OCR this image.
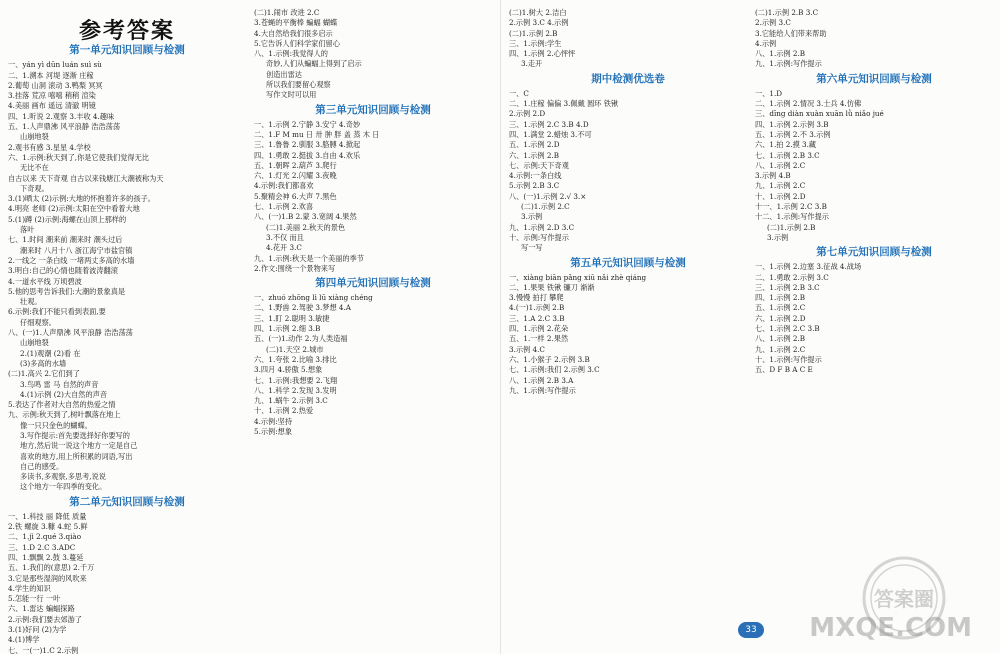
参考答案
第一单元知识回顾与检测

一、yán yì dūn luán suì sù

二、1.溯本 河堤 逐渐 庄稼

2.葡萄 山洞 滚动 3.鸭梨 冥冥

3.挂落 荒凉 嘻嘻 稍稍 渲染

4.美丽 画布 遥远 清澈 明镜

四、1.听说 2.观察 3.丰收 4.趣味

五、1.人声鼎沸 风平浪静 浩浩荡荡

山崩地裂

2.观书有感 3.星星 4.学校

六、1.示例:秋天到了,你是它使我们觉得无比

无比不在

自古以来 天下奇观 自古以来钱塘江大潮被称为天

下奇观。

3.(1)晒太 (2)示例:大地的怀抱着许多的孩子。

4.明亮 老师 (2)示例:太阳在空中看着大地

5.(1)蹲 (2)示例:海螺在山顶上那样的

落叶

七、1.时间 潮来前 潮来时 潮头过后

潮来时 八月十八 浙江海宁市盐官镇

2.一线之 一条白线 一堵两丈多高的水墙

3.明白:自己的心情也随着波涛翻滚

4.一道水平线 万顷碧波

5.他的思考告诉我们:大潮的景象真是

壮观。

6.示例:我们不能只看到表面,要

仔细观察。

八、(一)1.人声鼎沸 风平浪静 浩浩荡荡

山崩地裂

2.(1)观潮 (2)看 在

(3)多高的水墙

(二)1.高兴 2.它们到了

3.鸟鸣 雷 马 自然的声音

4.(1)示例 (2)大自然的声音

5.表达了作者对大自然的热爱之情

九、示例:秋天到了,树叶飘落在地上

像一只只金色的蝴蝶。

3.写作提示:首先要选择好你要写的

地方,然后说一说这个地方一定是自己

喜欢的地方,用上所积累的词语,写出

自己的感受。

多读书,多观察,多思考,说说

这个地方一年四季的变化。

第二单元知识回顾与检测

一、1.科技 丽 降低 质量

2.铁 螺旋 3.糠 4.蛇 5.鲜

二、1.jì 2.qué 3.qiào

三、1.D 2.C 3.ADC

四、1.飘飘 2.鼓 3.蔓延

五、1.我们的(意思) 2.千万

3.它是那些湿润的风吹来

4.学生的知识

5.怎能一行 一叶

六、1.雷达 蝙蝠探路

2.示例:我们要去郊游了

3.(1)好问 (2)为学

4.(1)博学

七、一(一)1.C 2.示例

(二)1.闹市 改进 2.C

3.苍蝇的平衡棒 蝙蝠 蝴蝶

4.大自然给我们很多启示

5.它告诉人们科学家们留心

八、1.示例:我觉得人的

奇妙,人们从蝙蝠上得到了启示

创造出雷达

所以我们要留心观察

写作文时可以用

第三单元知识回顾与检测

一、1.示例 2.宁静 3.安宁 4.奇妙

二、1.F M mu 日 卅 肿 胖 盖 蒸 木 日

三、1.鲁鲁 2.驯服 3.胳膊 4.掀起

四、1.勇敢 2.挺拔 3.自由 4.欢乐

五、1.朝晖 2.葫芦 3.爬行

六、1.灯光 2.闪耀 3.夜晚

4.示例:我们都喜欢

5.聚精会神 6.大声 7.黑色

七、1.示例 2.欢喜

八、(一)1.B 2.蒙 3.宽阔 4.果然

(二)1.美丽 2.秋天的景色

3.不仅 而且

4.花开 3.C

九、1.示例:秋天是一个美丽的季节

2.作文:围绕一个景物来写

第四单元知识回顾与检测

一、zhuó zhōng lì lū xiàng chéng

二、1.野兽 2.驾驶 3.梦想 4.A

三、1.盯 2.聪明 3.敏捷

四、1.示例 2.细 3.B

五、(一)1.动作 2.为人类造福

(二)1.天空 2.城市

六、1.夸张 2.比喻 3.排比

3.四月 4.骄傲 5.想象

七、1.示例:我想要 2.飞翔

八、1.科学 2.发现 3.发明

九、1.蜗牛 2.示例 3.C

十、1.示例 2.热爱

4.示例:坚持

5.示例:想象

(二)1.树大 2.洁白

2.示例 3.C 4.示例

(二)1.示例 2.B

三、1.示例:学生

四、1.示例 2.心怦怦

3.走开

期中检测优选卷

一、C

二、1.庄稼 偏偏 3.佩戴 圆环 铁锹

2.示例 2.D

三、1.示例 2.C 3.B 4.D

四、1.满堂 2.蜡烛 3.不可

五、1.示例 2.D

六、1.示例 2.B

七、示例:天下奇观

4.示例:一条白线

5.示例 2.B 3.C

八、(一)1.示例 2.√ 3.×

(二)1.示例 2.C

3.示例

九、1.示例 2.D 3.C

十、示例:写作提示

写一写

第五单元知识回顾与检测

一、xiàng biān pǎng xiū nǎi zhè qiáng

二、1.果果 铁锹 镰刀 渐渐

3.慢慢 拍打 攀爬

4.(一)1.示例 2.B

三、1.A 2.C 3.B

四、1.示例 2.花朵

五、1.一样 2.果然

3.示例 4.C

六、1.小猴子 2.示例 3.B

七、1.示例:我们 2.示例 3.C

八、1.示例 2.B 3.A

九、1.示例:写作提示

(二)1.示例 2.B 3.C

2.示例 3.C

3.它能给人们带来帮助

4.示例

八、1.示例 2.B

九、1.示例:写作提示

第六单元知识回顾与检测

一、1.D

二、1.示例 2.情况 3.士兵 4.仿佛

三、dīng diàn xuàn xuān lǜ niǎo jué

四、1.示例 2.示例 3.B

五、1.示例 2.不 3.示例

六、1.拍 2.摸 3.藏

七、1.示例 2.B 3.C

八、1.示例 2.C

3.示例 4.B

九、1.示例 2.C

十、1.示例 2.D

十一、1.示例 2.C 3.B

十二、1.示例:写作提示

(二)1.示例 2.B

3.示例

第七单元知识回顾与检测

一、1.示例 2.边塞 3.征战 4.战场

二、1.勇敢 2.示例 3.C

三、1.示例 2.B 3.C

四、1.示例 2.B

五、1.示例 2.C

六、1.示例 2.D

七、1.示例 2.C 3.B

八、1.示例 2.B

九、1.示例 2.C

十、1.示例:写作提示

五、D F B A C E

33
答案圈
MXQE.COM
